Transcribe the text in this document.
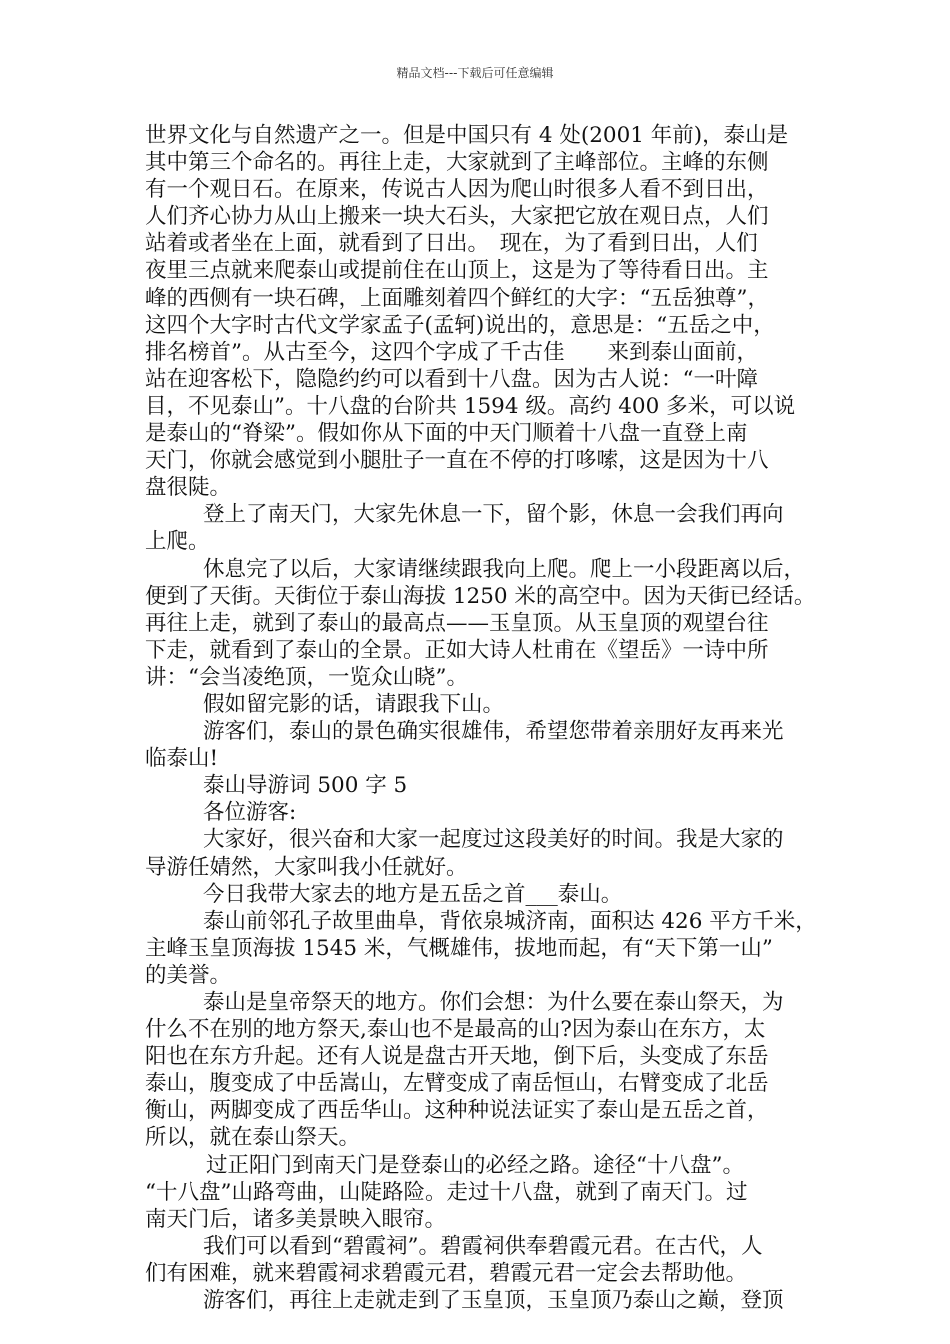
精品文档---下载后可任意编辑
世界文化与自然遗产之一。但是中国只有 4 处(2001 年前)，泰山是
其中第三个命名的。再往上走，大家就到了主峰部位。主峰的东侧
有一个观日石。在原来，传说古人因为爬山时很多人看不到日出，
人们齐心协力从山上搬来一块大石头，大家把它放在观日点，人们
站着或者坐在上面，就看到了日出。　现在，为了看到日出，人们
夜里三点就来爬泰山或提前住在山顶上，这是为了等待看日出。主
峰的西侧有一块石碑，上面雕刻着四个鲜红的大字：“五岳独尊”，
这四个大字时古代文学家孟子(孟轲)说出的，意思是：“五岳之中，
排名榜首”。从古至今，这四个字成了千古佳　　来到泰山面前，
站在迎客松下，隐隐约约可以看到十八盘。因为古人说：“一叶障
目，不见泰山”。十八盘的台阶共 1594 级。高约 400 多米，可以说
是泰山的“脊梁”。假如你从下面的中天门顺着十八盘一直登上南
天门，你就会感觉到小腿肚子一直在不停的打哆嗦，这是因为十八
盘很陡。
登上了南天门，大家先休息一下，留个影，休息一会我们再向
上爬。
休息完了以后，大家请继续跟我向上爬。爬上一小段距离以后，
便到了天街。天街位于泰山海拔 1250 米的高空中。因为天街已经话。
再往上走，就到了泰山的最高点——玉皇顶。从玉皇顶的观望台往
下走，就看到了泰山的全景。正如大诗人杜甫在《望岳》一诗中所
讲：“会当凌绝顶，一览众山晓”。
假如留完影的话，请跟我下山。
游客们，泰山的景色确实很雄伟，希望您带着亲朋好友再来光
临泰山!
泰山导游词 500 字 5
各位游客:
大家好，很兴奋和大家一起度过这段美好的时间。我是大家的
导游任婧然，大家叫我小任就好。
今日我带大家去的地方是五岳之首___泰山。
泰山前邻孔子故里曲阜，背依泉城济南，面积达 426 平方千米，
主峰玉皇顶海拔 1545 米，气概雄伟，拔地而起，有“天下第一山”
的美誉。
泰山是皇帝祭天的地方。你们会想：为什么要在泰山祭天，为
什么不在别的地方祭天,泰山也不是最高的山?因为泰山在东方，太
阳也在东方升起。还有人说是盘古开天地，倒下后，头变成了东岳
泰山，腹变成了中岳嵩山，左臂变成了南岳恒山，右臂变成了北岳
衡山，两脚变成了西岳华山。这种种说法证实了泰山是五岳之首，
所以，就在泰山祭天。
过正阳门到南天门是登泰山的必经之路。途径“十八盘”。
“十八盘”山路弯曲，山陡路险。走过十八盘，就到了南天门。过
南天门后，诸多美景映入眼帘。
我们可以看到“碧霞祠”。碧霞祠供奉碧霞元君。在古代，人
们有困难，就来碧霞祠求碧霞元君，碧霞元君一定会去帮助他。
游客们，再往上走就走到了玉皇顶，玉皇顶乃泰山之巅，登顶
